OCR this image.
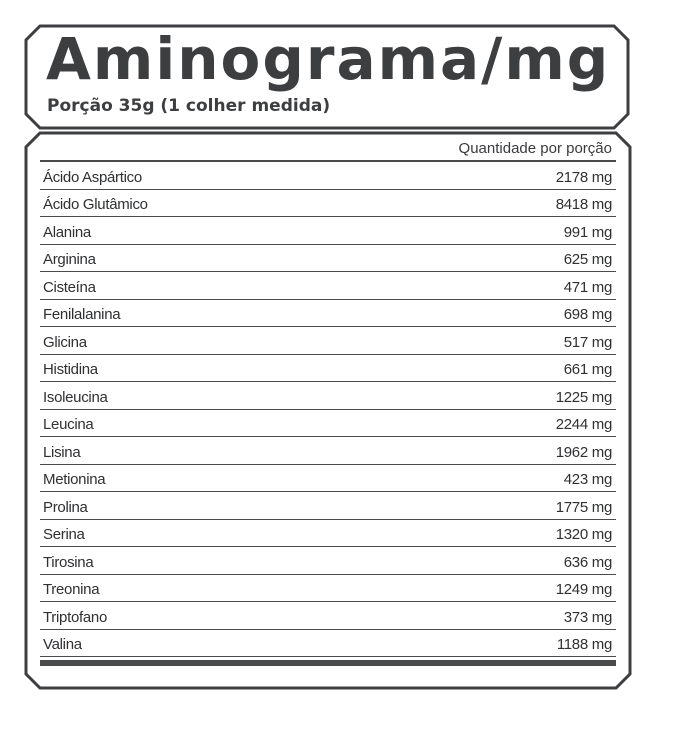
Aminograma/mg
Porção 35g (1 colher medida)
Quantidade por porção
Ácido Aspártico	2178 mg
Ácido Glutâmico	8418 mg
Alanina	991 mg
Arginina	625 mg
Cisteína	471 mg
Fenilalanina	698 mg
Glicina	517 mg
Histidina	661 mg
Isoleucina	1225 mg
Leucina	2244 mg
Lisina	1962 mg
Metionina	423 mg
Prolina	1775 mg
Serina	1320 mg
Tirosina	636 mg
Treonina	1249 mg
Triptofano	373 mg
Valina	1188 mg
